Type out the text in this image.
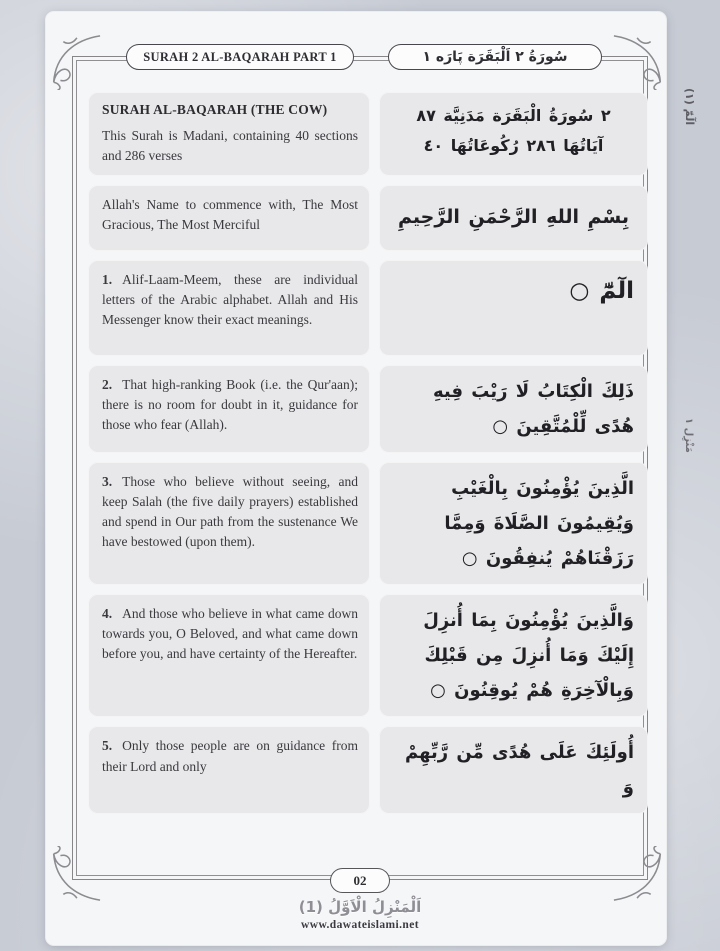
SURAH 2 AL-BAQARAH PART 1	سُورَةُ ٢ اَلْبَقَرَة پَارَه ١
SURAH AL-BAQARAH (THE COW)

This Surah is Madani, containing 40 sections and 286 verses

٢ سُورَةُ الْبَقَرَة مَدَنِيَّة ٨٧
آيَاتُهَا ٢٨٦ رُكُوعَاتُهَا ٤٠

Allah's Name to commence with, The Most Gracious, The Most Merciful	بِسْمِ اللهِ الرَّحْمَنِ الرَّحِيمِ

1. Alif-Laam-Meem, these are individual letters of the Arabic alphabet. Allah and His Messenger know their exact meanings.

الٓمّٓ ○

2. That high-ranking Book (i.e. the Qur'aan); there is no room for doubt in it, guidance for those who fear (Allah).

ذَلِكَ الْكِتَابُ لَا رَيْبَ فِيهِ هُدًى لِّلْمُتَّقِينَ ○

3. Those who believe without seeing, and keep Salah (the five daily prayers) established and spend in Our path from the sustenance We have bestowed (upon them).

الَّذِينَ يُؤْمِنُونَ بِالْغَيْبِ وَيُقِيمُونَ الصَّلَاةَ وَمِمَّا رَزَقْنَاهُمْ يُنفِقُونَ ○

4. And those who believe in what came down towards you, O Beloved, and what came down before you, and have certainty of the Hereafter.

وَالَّذِينَ يُؤْمِنُونَ بِمَا أُنزِلَ إِلَيْكَ وَمَا أُنزِلَ مِن قَبْلِكَ وَبِالْآخِرَةِ هُمْ يُوقِنُونَ ○

5. Only those people are on guidance from their Lord and only

أُولَئِكَ عَلَى هُدًى مِّن رَّبِّهِمْ وَ
الٓمّٓ (١)
مَنْزِل ١
02
اَلْمَنْزِلُ الْاَوَّلُ (1)
www.dawateislami.net
